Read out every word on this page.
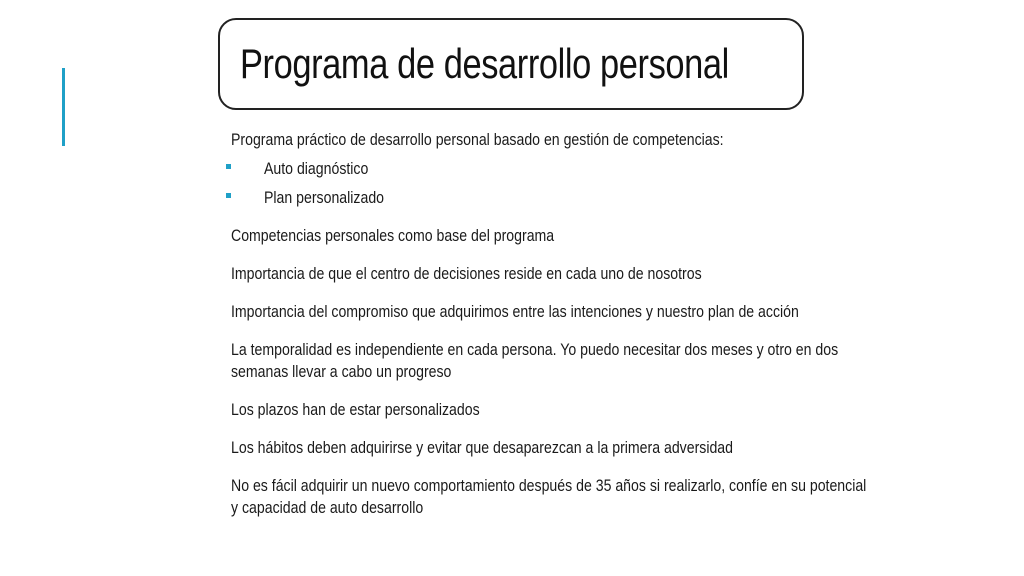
Programa de desarrollo personal
Programa práctico de desarrollo personal basado en gestión de competencias:
Auto diagnóstico
Plan personalizado
Competencias personales como base del programa
Importancia de que el centro de decisiones reside en cada uno de nosotros
Importancia del compromiso que adquirimos entre las intenciones y nuestro plan de acción
La temporalidad es independiente en cada persona. Yo puedo necesitar dos meses y otro en dos semanas llevar a cabo un progreso
Los plazos han de estar personalizados
Los hábitos deben adquirirse y evitar que desaparezcan a la primera adversidad
No es fácil adquirir un nuevo comportamiento después de 35 años si realizarlo, confíe en su potencial y capacidad de auto desarrollo
